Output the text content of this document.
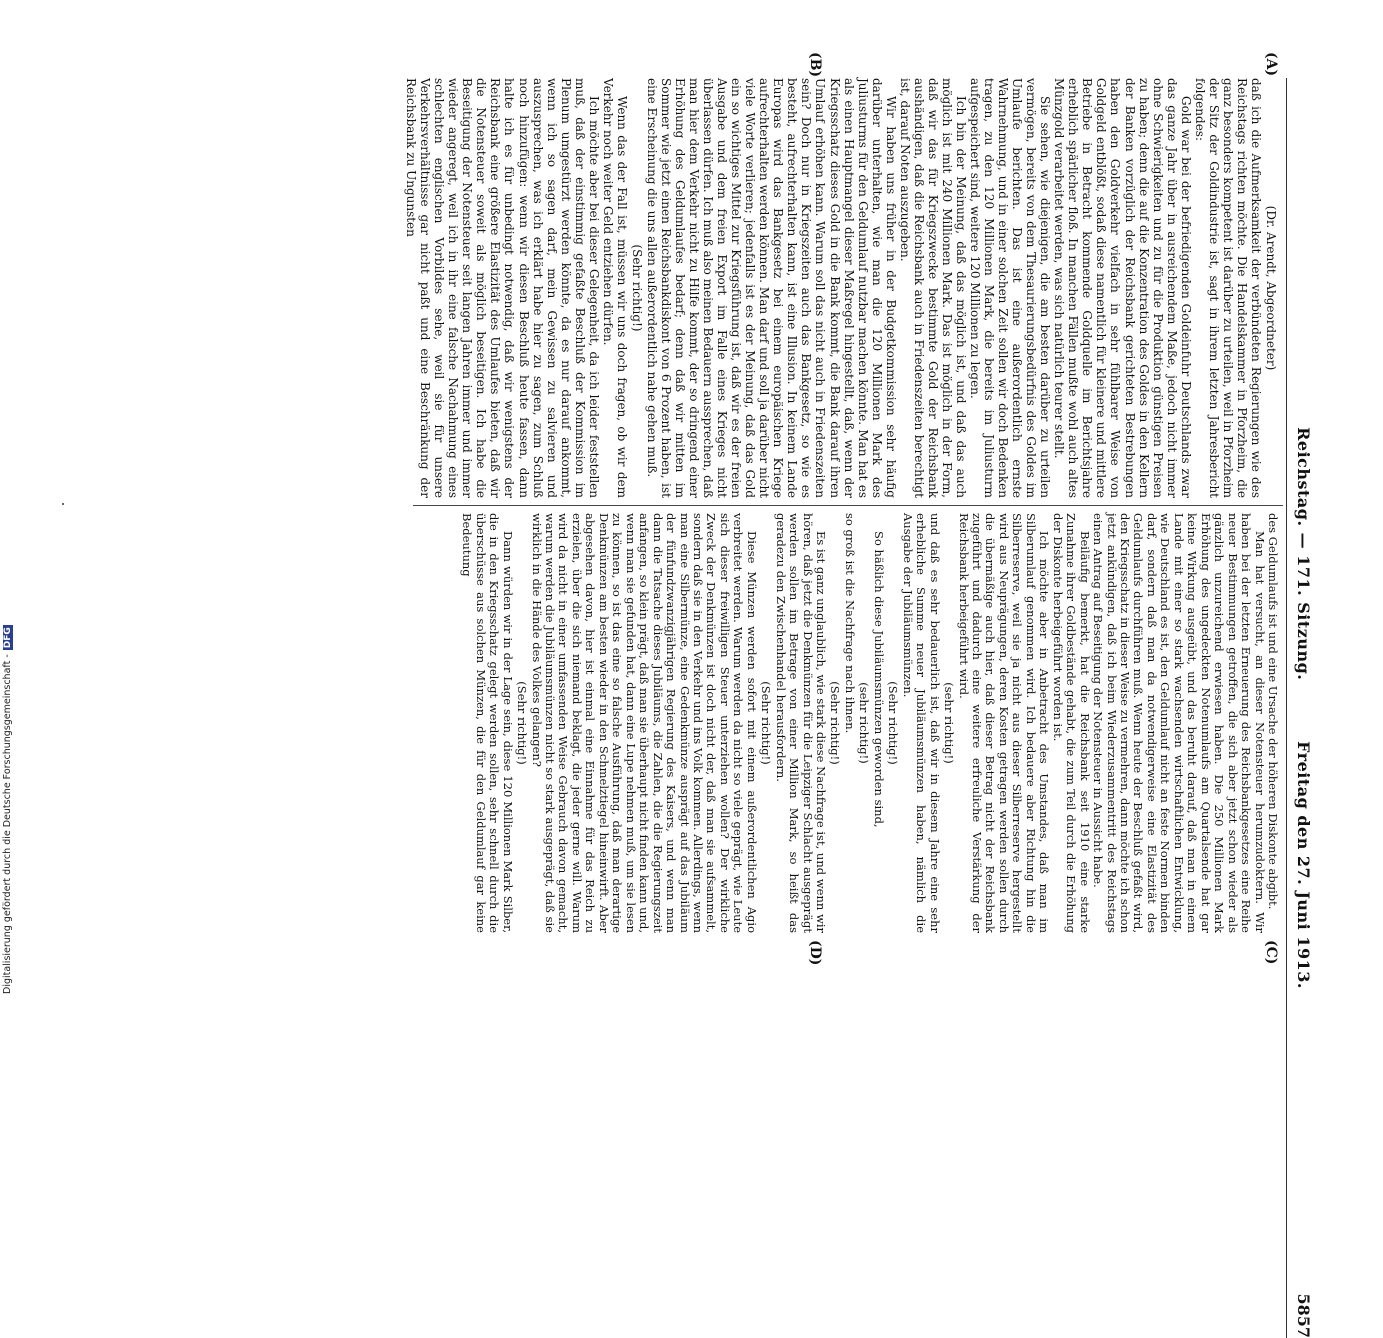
Reichstag. — 171. Sitzung.          Freitag den 27. Juni 1913.
5857
(A)
(B)
(C)
(D)

(Dr. Arendt, Abgeordneter)

daß ich die Aufmerksamkeit der verbündeten Regierungen wie des Reichstags richten möchte. Die Handelskammer in Pforzheim, die ganz besonders kompetent ist darüber zu urteilen, weil in Pforzheim der Sitz der Goldindustrie ist, sagt in ihrem letzten Jahresbericht folgendes:

Gold war bei der befriedigenden Goldeinfuhr Deutschlands zwar das ganze Jahr über in ausreichendem Maße, jedoch nicht immer ohne Schwierigkeiten und zu für die Produktion günstigen Preisen zu haben; denn die auf die Konzentration des Goldes in den Kellern der Banken vorzüglich der Reichsbank gerichteten Bestrebungen haben den Goldverkehr vielfach in sehr fühlbarer Weise von Goldgeld entblößt, sodaß diese namentlich für kleinere und mittlere Betriebe in Betracht kommende Goldquelle im Berichtsjahre erheblich spärlicher floß. In manchen Fällen mußte wohl auch altes Münzgold verarbeitet werden, was sich natürlich teurer stellt.

Sie sehen, wie diejenigen, die am besten darüber zu urteilen vermögen, bereits von dem Thesaurierungsbedürfnis des Goldes im Umlaufe berichten. Das ist eine außerordentlich ernste Wahrnehmung, und in einer solchen Zeit sollen wir doch Bedenken tragen, zu den 120 Millionen Mark, die bereits im Juliusturm aufgespeichert sind, weitere 120 Millionen zu legen.

Ich bin der Meinung, daß das möglich ist, und daß das auch möglich ist mit 240 Millionen Mark. Das ist möglich in der Form, daß wir das für Kriegszwecke bestimmte Gold der Reichsbank aushändigen, daß die Reichsbank auch in Friedenszeiten berechtigt ist, darauf Noten auszugeben.

Wir haben uns früher in der Budgetkommission sehr häufig darüber unterhalten, wie man die 120 Millionen Mark des Juliusturms für den Geldumlauf nutzbar machen könnte. Man hat es als einen Hauptmangel dieser Maßregel hingestellt, daß, wenn der Kriegsschatz dieses Gold in die Bank kommt, die Bank darauf ihren Umlauf erhöhen kann. Warum soll das nicht auch in Friedenszeiten sein? Doch nur in Kriegszeiten auch das Bankgesetz, so wie es besteht, aufrechterhalten kann, ist eine Illusion. In keinem Lande Europas wird das Bankgesetz bei einem europäischen Kriege aufrechterhalten werden können. Man darf und soll ja darüber nicht viele Worte verlieren; jedenfalls ist es der Meinung, daß das Gold ein so wichtiges Mittel zur Kriegsführung ist, daß wir es der freien Ausgabe und dem freien Export im Falle eines Krieges nicht überlassen dürfen. Ich muß also meinen Bedauern aussprechen, daß man hier dem Verkehr nicht zu Hilfe kommt, der so dringend einer Erhöhung des Geldumlaufes bedarf; denn daß wir mitten im Sommer wie jetzt einen Reichsbankdiskont von 6 Prozent haben, ist eine Erscheinung die uns allen außerordentlich nahe gehen muß.

(Sehr richtig!)

Wenn das der Fall ist, müssen wir uns doch fragen, ob wir dem Verkehr noch weiter Geld entziehen dürfen.

Ich möchte aber bei dieser Gelegenheit, da ich leider feststellen muß, daß der einstimmig gefaßte Beschluß der Kommission im Plenum umgestürzt werden könnte, da es nur darauf ankommt, wenn ich so sagen darf, mein Gewissen zu salvieren und auszusprechen, was ich erklärt habe hier zu sagen, zum Schluß noch hinzufügen: wenn wir diesen Beschluß heute fassen, dann halte ich es für unbedingt notwendig, daß wir wenigstens der Reichsbank eine größere Elastizität des Umlaufes bieten, daß wir die Notensteuer soweit als möglich beseitigen. Ich habe die Beseitigung der Notensteuer seit langen Jahren immer und immer wieder angeregt, weil ich in ihr eine falsche Nachahmung eines schlechten englischen Vorbildes sehe, weil sie für unsere Verkehrsverhältnisse gar nicht paßt und eine Beschränkung der Reichsbank zu Ungunsten

des Geldumlaufs ist und eine Ursache der höheren Diskonte abgibt.

Man hat versucht, an dieser Notensteuer herumzudoktern. Wir haben bei der letzten Erneuerung des Reichsbankgesetzes eine Reihe neuer Bestimmungen getroffen, die sich aber jetzt schon wieder als gänzlich unzureichend erwiesen haben. Die 250 Millionen Mark Erhöhung des ungedeckten Notenumlaufs am Quartalsende hat gar keine Wirkung ausgeübt, und das beruht darauf, daß man in einem Lande mit einer so stark wachsenden wirtschaftlichen Entwicklung, wie Deutschland es ist, den Geldumlauf nicht an feste Normen binden darf, sondern daß man da notwendigerweise eine Elastizität des Geldumlaufs durchführen muß. Wenn heute der Beschluß gefaßt wird, den Kriegsschatz in dieser Weise zu vermehren, dann möchte ich schon jetzt ankündigen, daß ich beim Wiederzusammentritt des Reichstags einen Antrag auf Beseitigung der Notensteuer in Aussicht habe.

Beiläufig bemerkt, hat die Reichsbank seit 1910 eine starke Zunahme ihrer Goldbestände gehabt, die zum Teil durch die Erhöhung der Diskonte herbeigeführt worden ist.

Ich möchte aber in Anbetracht des Umstandes, daß man im Silberumlauf genommen wird. Ich bedauere aber Richtung hin die Silberreserve, weil sie ja nicht aus dieser Silberreserve hergestellt wird aus Neuprägungen, deren Kosten getragen werden sollen durch die übermäßige auch hier, daß dieser Betrag nicht der Reichsbank zugeführt und dadurch eine weitere erfreuliche Verstärkung der Reichsbank herbeigeführt wird.

(sehr richtig!)

und daß es sehr bedauerlich ist, daß wir in diesem Jahre eine sehr erhebliche Summe neuer Jubiläumsmünzen haben, nämlich die Ausgabe der Jubiläumsmünzen.

(Sehr richtig!)

So häßlich diese Jubiläumsmünzen geworden sind,

(sehr richtig!)

so groß ist die Nachfrage nach ihnen.

(Sehr richtig!)

Es ist ganz unglaublich, wie stark diese Nachfrage ist, und wenn wir hören, daß jetzt die Denkmünzen für die Leipziger Schlacht ausgeprägt werden sollen im Betrage von einer Million Mark, so heißt das geradezu den Zwischenhandel herausfordern.

(Sehr richtig!)

Diese Münzen werden sofort mit einem außerordentlichen Agio verbreitet werden. Warum werden da nicht so viele geprägt, wie Leute sich dieser freiwilligen Steuer unterziehen wollen? Der wirkliche Zweck der Denkmünzen ist doch nicht der, daß man sie aufsammelt, sondern daß sie in den Verkehr und ins Volk kommen. Allerdings, wenn man eine Silbermünze, eine Gedenkmünze ausprägt auf das Jubiläum der fünfundzwanzigjährigen Regierung des Kaisers, und wenn man dann die Tatsache dieses Jubiläums, die Zahlen, die die Regierungszeit anfangen, so klein prägt, daß man sie überhaupt nicht finden kann und, wenn man sie gefunden hat, dann eine Lupe nehmen muß, um sie lesen zu können, so ist das eine so falsche Ausführung, daß man derartige Denkmünzen am besten wieder in den Schmelztiegel hineinwirft. Aber abgesehen davon, hier ist einmal eine Einnahme für das Reich zu erzielen, über die sich niemand beklagt, die jeder gerne will. Warum wird da nicht in einer umfassenden Weise Gebrauch davon gemacht, warum werden die Jubiläumsmünzen nicht so stark ausgeprägt, daß sie wirklich in die Hände des Volkes gelangen?

(Sehr richtig!)

Dann würden wir in der Lage sein, diese 120 Millionen Mark Silber, die in den Kriegsschatz gelegt werden sollen, sehr schnell durch die überschüsse aus solchen Münzen, die für den Geldumlauf gar keine Bedeutung

Digitalisierung gefördert durch die Deutsche Forschungsgemeinschaft -DFG
